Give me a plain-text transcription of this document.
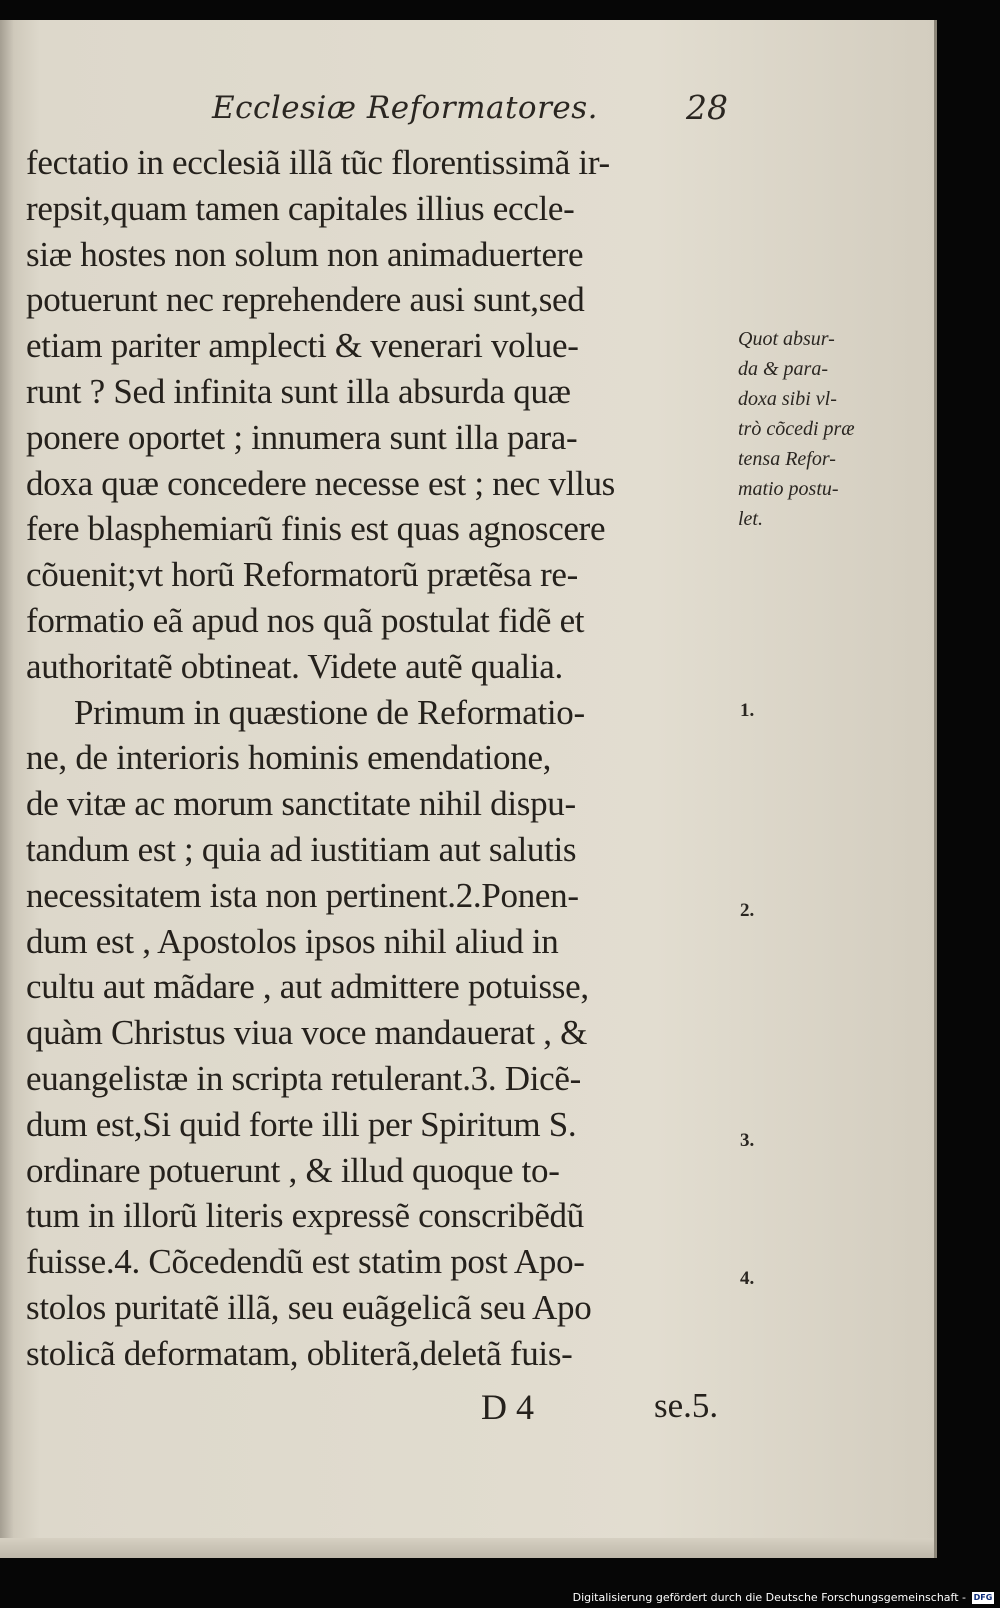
Ecclesiæ Reformatores.	28
fectatio in ecclesiã illã tũc florentissimã ir-
repsit,quam tamen capitales illius eccle-
siæ hostes non solum non animaduertere
potuerunt nec reprehendere ausi sunt,sed
etiam pariter amplecti & venerari volue-
runt ? Sed infinita sunt illa absurda quæ
ponere oportet ; innumera sunt illa para-
doxa quæ concedere necesse est ; nec vllus
fere blasphemiarũ finis est quas agnoscere
cõuenit;vt horũ Reformatorũ prætẽsa re-
formatio eã apud nos quã postulat fidẽ et
authoritatẽ obtineat. Videte autẽ qualia.
Primum in quæstione de Reformatio-
ne, de interioris hominis emendatione,
de vitæ ac morum sanctitate nihil dispu-
tandum est ; quia ad iustitiam aut salutis
necessitatem ista non pertinent.2.Ponen-
dum est , Apostolos ipsos nihil aliud in
cultu aut mãdare , aut admittere potuisse,
quàm Christus viua voce mandauerat , &
euangelistæ in scripta retulerant.3. Dicẽ-
dum est,Si quid forte illi per Spiritum S.
ordinare potuerunt , & illud quoque to-
tum in illorũ literis expressẽ conscribẽdũ
fuisse.4. Cõcedendũ est statim post Apo-
stolos puritatẽ illã, seu euãgelicã seu Apo
stolicã deformatam, obliterã,deletã fuis-
Quot absur-
da & para-
doxa sibi vl-
trò cõcedi præ
tensa Refor-
matio postu-
let.
1.
2.
3.
4.
D 4	se.5.
Digitalisierung gefördert durch die Deutsche Forschungsgemeinschaft - DFG
